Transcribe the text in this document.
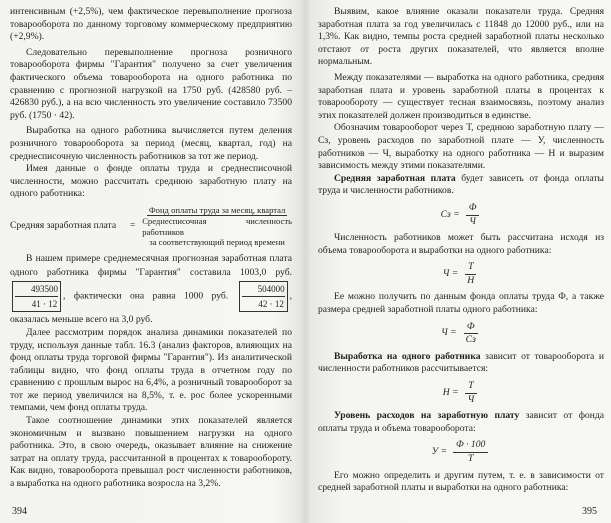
интенсивным (+2,5%), чем фактическое перевыполнение прогноза товарооборота по данному торговому коммерческому предприятию (+2,9%).

Следовательно перевыполнение прогноза розничного товарооборота фирмы "Гарантия" получено за счет увеличения фактического объема товарооборота на одного работника по сравнению с прогнозной нагрузкой на 1750 руб. (428580 руб. – 426830 руб.), а на всю численность это увеличение составило 73500 руб. (1750 · 42).

Выработка на одного работника вычисляется путем деления розничного товарооборота за период (месяц, квартал, год) на среднесписочную численность работников за тот же период.

Имея данные о фонде оплаты труда и среднесписочной численности, можно рассчитать среднюю заработную плату на одного работника:

Средняя заработная плата	=
Фонд оплаты труда за месяц, квартал
Среднесписочная численность работников
за соответствующий период времени

В нашем примере среднемесячная прогнозная заработная плата одного работника фирмы "Гарантия" составила 1003,0 руб.
$\frac{493500}{41 \cdot 12}$ , фактически она равна 1000 руб. $\frac{504000}{42 \cdot 12}$ , оказалась меньше всего на 3,0 руб.

Далее рассмотрим порядок анализа динамики показателей по труду, используя данные табл. 16.3 (анализ факторов, влияющих на фонд оплаты труда торговой фирмы "Гарантия"). Из аналитической таблицы видно, что фонд оплаты труда в отчетном году по сравнению с прошлым вырос на 6,4%, а розничный товарооборот за тот же период увеличился на 8,5%, т. е. рос более ускоренными темпами, чем фонд оплаты труда.

Такое соотношение динамики этих показателей является экономичным и вызвано повышением нагрузки на одного работника. Это, в свою очередь, оказывает влияние на снижение затрат на оплату труда, рассчитанной в процентах к товарообороту. Как видно, товарооборота превышал рост численности работников, а выработка на одного работника возросла на 3,2%.

394

Выявим, какое влияние оказали показатели труда. Средняя заработная плата за год увеличилась с 11848 до 12000 руб., или на 1,3%. Как видно, темпы роста средней заработной платы несколько отстают от роста других показателей, что является вполне нормальным.

Между показателями — выработка на одного работника, средняя заработная плата и уровень заработной платы в процентах к товарообороту — существует тесная взаимосвязь, поэтому анализ этих показателей должен производиться в единстве.

Обозначим товарооборот через Т, среднюю заработную плату — Сз, уровень расходов по заработной плате — У, численность работников — Ч, выработку на одного работника — Н и выразим зависимость между этими показателями.

Средняя заработная плата будет зависеть от фонда оплаты труда и численности работников.

Сз = $\frac{Ф}{Ч}$

Численность работников может быть рассчитана исходя из объема товарооборота и выработки на одного работника:

$Ч = \frac{Т}{Н}$

Ее можно получить по данным фонда оплаты труда Ф, а также размера средней заработной платы одного работника:

$Ч = \frac{Ф}{Сз}$

Выработка на одного работника зависит от товарооборота и численности работников рассчитывается:

$Н = \frac{Т}{Ч}$

Уровень расходов на заработную плату зависит от фонда оплаты труда и объема товарооборота:

$У = \frac{Ф \cdot 100}{Т}$

Его можно определить и другим путем, т. е. в зависимости от средней заработной платы и выработки на одного работника:

395
